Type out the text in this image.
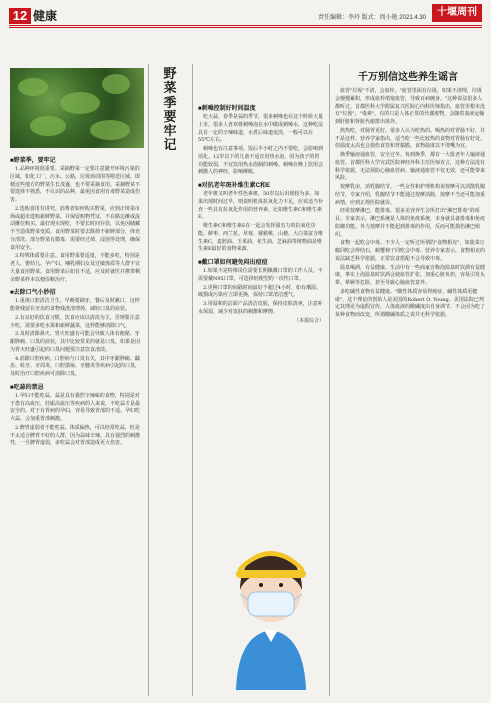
12 健康	责任编辑：李玲 版式：周小艳 2021.4.30	十堰周刊
野菜季 要牢记
■野菜季，要牢记

1.品种环境很重要。采摘野菜一定要注意避开环境污染的区域，如化工厂、污水、公路，垃圾场周围等附近区域，即便这些地方的野菜生长茂盛，也不要采摘食用。采摘野菜不要选择不熟悉、不认识的品种，最免因食用有毒野菜造成伤害。

2.选购食用有讲究。消费者如何购买野菜，应到正规菜市场或超市选购新鲜野菜，并保留购物凭证，不在路边摊或流动摊位购买。最好现买现吃，不要长时间存放，以免因储藏不当造成野菜变质。食用野菜时要去除掉不新鲜部分，择充分清洗。部分野菜有微毒，需要经过焯、浸泡等处理，确保食用安全。

3.特殊体质要注意。食用野菜要适量，不能多吃，特别是老人、婴幼儿、孕产妇、哺乳期妇女及过敏体质等人群不宜大量食用野菜。食用野菜后如有不适，应及时就医并携带剩余野菜样本以便诊断治疗。

■去除口气小妙招

1.重视口腔清洁卫生。早晚要刷牙，餐后及时漱口，这样能将残留在牙齿的食物残渣清理掉，减轻口臭的症状。

2.有良好的饮食习惯。饮食应该以清淡为主，否则要注意少吃，需要多吃水果和新鲜蔬菜，这样能够消除口气。

3.及时清除鼻火。胃火旺盛有可能会导致人体有便秘、牙龈肿痛、口臭的症状，其中比较常见的就是口臭。如果是因为胃火旺盛引起的口臭问题要注意饮食清淡。

4.消除口腔疾病。口腔病与口臭有关，其中牙龈肿痛、龋齿、蛀牙、牙周炎、口腔溃疡、牙髓炎等疾病引起的口臭，及时治疗口腔疾病可消除口臭。

■吃蒜的禁忌

1.孕妇不能吃蒜。蒜是具有强烈辛辣味的食物，特别是对于患有高血压、妊娠高血压等疾病的人来说，不吃蒜才是最安全的。对于有胃病的孕妇，容易导致胃部的不适。孕妇吃大蒜，会加重胃部刺激。

2.脾胃虚弱者不能吃蒜。体质偏热，可以经常吃蒜，但是不太适合脾胃不好的人群，因为蒜味辛辣，具有强烈的刺激性，一旦脾胃虚弱，多吃蒜会对胃部造成更大伤害。

■刺嗓控制好时间温度

吃大蒜，春季是蒜的季节，很多刺嗓也在这个时候大量上市，很多人喜欢将刺嗓泡在水中做成刺嗓水，这种吃法具有一定的辛辣味道，水煮后味道变淡，一般可以在55℃左右。

刺嗓也有注意事项。饭后半小时之内不要吃，会影响到消化。12岁以下的儿童不适宜用热水泡，因为孩子的胃功能较弱，不宜饮用热水泡制的刺嗓。刺嗓在晚上饮用会刺激人的神经，影响睡眠。

■对抗老年斑补维生素C和E

老年斑又叫老年性色素斑，50岁以后出现较为多。如果出现时间过早，则说明机体抗氧化力不足，应该适当补充一些具有抗氧化作用的营养素，比如维生素C和维生素E。

维生素C和维生素E在一起会发挥强有力的抗氧化功能。鲜枣、西兰花、草莓、猕猴桃、山楂、大白菜富含维生素C，麦胚油、玉米油、花生油、芝麻油等植物油是维生素E最好的食物来源。

■戴口罩如何避免闷出痘痘

1.如果不是特殊岗位需要长期佩戴口罩的工作人员，不需要戴N95口罩，可选择轻便型的一次性口罩。

2.更换口罩的间隔时间最好不超过4小时，如有潮湿、破损或污染应立即更换，保持口罩清洁透气。

3.用温和的洁面产品清洁皮肤，保持皮肤清爽，注意补水保湿，减少对皮肤的刺激和摩擦。

（本报综合）

千万别信这些养生谣言

血管"垃圾"不清，会血栓。"血管里面有垃圾，如果不清理，垃圾会慢慢累积，形成血栓堵塞血管，导致百病缠身。"这种说法很多人都听过。首都医科大学附属复兴医院心内科医师指出，血管里根本没有"垃圾"，"毒素"，有的只是人体正常的代谢废物，会随着血液运输到肝脏和肾脏代谢排出体外。

熬热吃，对肠胃更好。很多人认为吃热的、喝热的对胃肠不好，并不是这样。营养学家指出，适当吃一些比较热的食物对胃肠有好处。但温度太高也会损伤食管和胃黏膜，食物温度以不烫嘴为宜。

换季输液通血管，安全过冬。每到换季，都有一大批老年人输液通血管。首都医科大学宣武医院神经外科主任医师直言，这种方法没有科学依据，无法预防心脑血管病。输液通血管不仅无效，还可能带来风险。

按摩乳房，消乳腺结节。一些女性和护理机构说按摩可以消散乳腺结节，专家介绍，乳腺结节不能通过按摩消除，按摩不当还可能加重病情，应到正规医院就诊。

经常按摩淋巴，能排毒。很多美容养生会所打出"淋巴排毒"的项目。专家表示，淋巴系统是人体的免疫系统，本身就具备排毒和免疫防御功能。外力按摩并不能起到排毒的作用，反而可能损伤淋巴组织。

食物一起吃会中毒。不少人一定听过所谓的"食物相克"，如菠菜豆腐同吃会得结石，螃蟹柿子同吃会中毒。营养专家表示，食物相克的说法缺乏科学依据，正常饮食搭配不会导致中毒。

温泉喝酒，有益健康。生活中有一些商家宣称泡温泉时饮酒有益健康，事实上泡温泉时饮酒会使血管扩张，加重心脏负担，容易引发头晕、晕厥等危险，甚至导致心脑血管意外。

多吃碱性食物有益健康。"酸性体质容易得癌症，碱性体质更健康"，这个理论的创始人是美国的Robert O. Young。美国法院已判定其理论为虚假宣传。人体血液的酸碱度由自身调节，不会因为吃了某种食物而改变，所谓酸碱体质之说并无科学依据。
